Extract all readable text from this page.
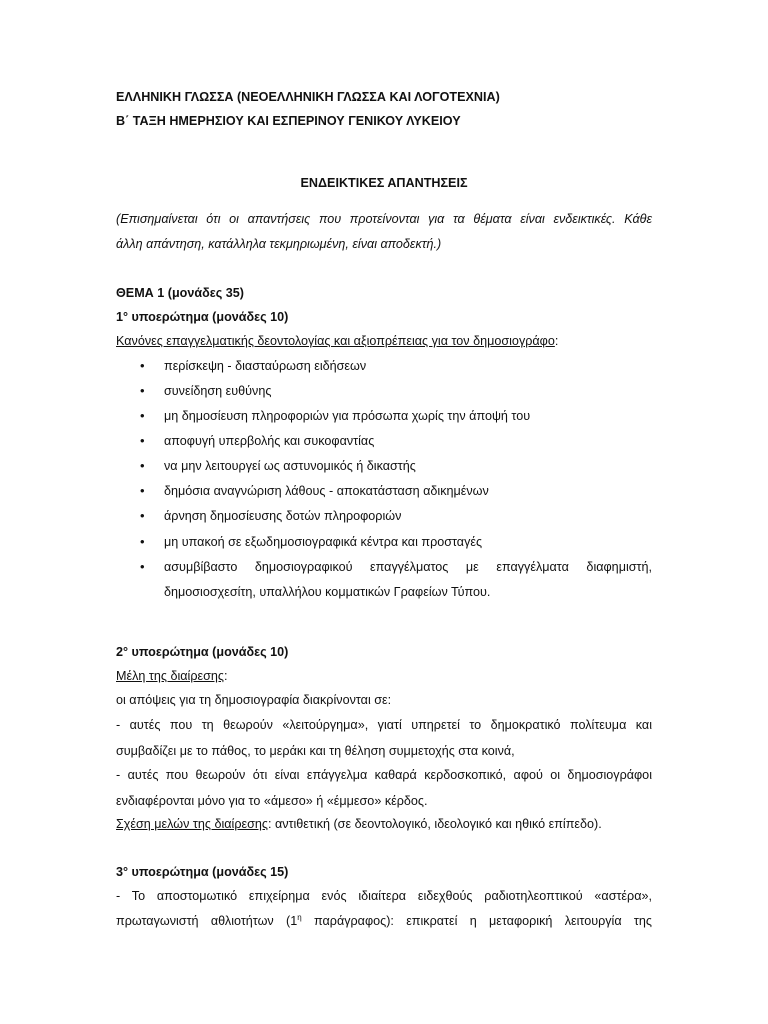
ΕΛΛΗΝΙΚΗ ΓΛΩΣΣΑ (ΝΕΟΕΛΛΗΝΙΚΗ ΓΛΩΣΣΑ ΚΑΙ ΛΟΓΟΤΕΧΝΙΑ)
Β΄ ΤΑΞΗ ΗΜΕΡΗΣΙΟΥ ΚΑΙ ΕΣΠΕΡΙΝΟΥ ΓΕΝΙΚΟΥ ΛΥΚΕΙΟΥ
ΕΝΔΕΙΚΤΙΚΕΣ ΑΠΑΝΤΗΣΕΙΣ
(Επισημαίνεται ότι οι απαντήσεις που προτείνονται για τα θέματα είναι ενδεικτικές. Κάθε
άλλη απάντηση, κατάλληλα τεκμηριωμένη, είναι αποδεκτή.)
ΘΕΜΑ 1 (μονάδες 35)
1° υποερώτημα (μονάδες 10)
Κανόνες επαγγελματικής δεοντολογίας και αξιοπρέπειας για τον δημοσιογράφο:
•	περίσκεψη - διασταύρωση ειδήσεων
•	συνείδηση ευθύνης
•	μη δημοσίευση πληροφοριών για πρόσωπα χωρίς την άποψή του
•	αποφυγή υπερβολής και συκοφαντίας
•	να μην λειτουργεί ως αστυνομικός ή δικαστής
•	δημόσια αναγνώριση λάθους - αποκατάσταση αδικημένων
•	άρνηση δημοσίευσης δοτών πληροφοριών
•	μη υπακοή σε εξωδημοσιογραφικά κέντρα και προσταγές
•	ασυμβίβαστο δημοσιογραφικού επαγγέλματος με επαγγέλματα διαφημιστή,
δημοσιοσχεσίτη, υπαλλήλου κομματικών Γραφείων Τύπου.
2° υποερώτημα (μονάδες 10)
Μέλη της διαίρεσης:
οι απόψεις για τη δημοσιογραφία διακρίνονται σε:
- αυτές που τη θεωρούν «λειτούργημα», γιατί υπηρετεί το δημοκρατικό πολίτευμα και
συμβαδίζει με το πάθος, το μεράκι και τη θέληση συμμετοχής στα κοινά,
- αυτές που θεωρούν ότι είναι επάγγελμα καθαρά κερδοσκοπικό, αφού οι δημοσιογράφοι
ενδιαφέρονται μόνο για το «άμεσο» ή «έμμεσο» κέρδος.
Σχέση μελών της διαίρεσης: αντιθετική (σε δεοντολογικό, ιδεολογικό και ηθικό επίπεδο).
3° υποερώτημα (μονάδες 15)
- Το αποστομωτικό επιχείρημα ενός ιδιαίτερα ειδεχθούς ραδιοτηλεοπτικού «αστέρα»,
πρωταγωνιστή αθλιοτήτων ($1^\eta$ παράγραφος): επικρατεί η μεταφορική λειτουργία της
